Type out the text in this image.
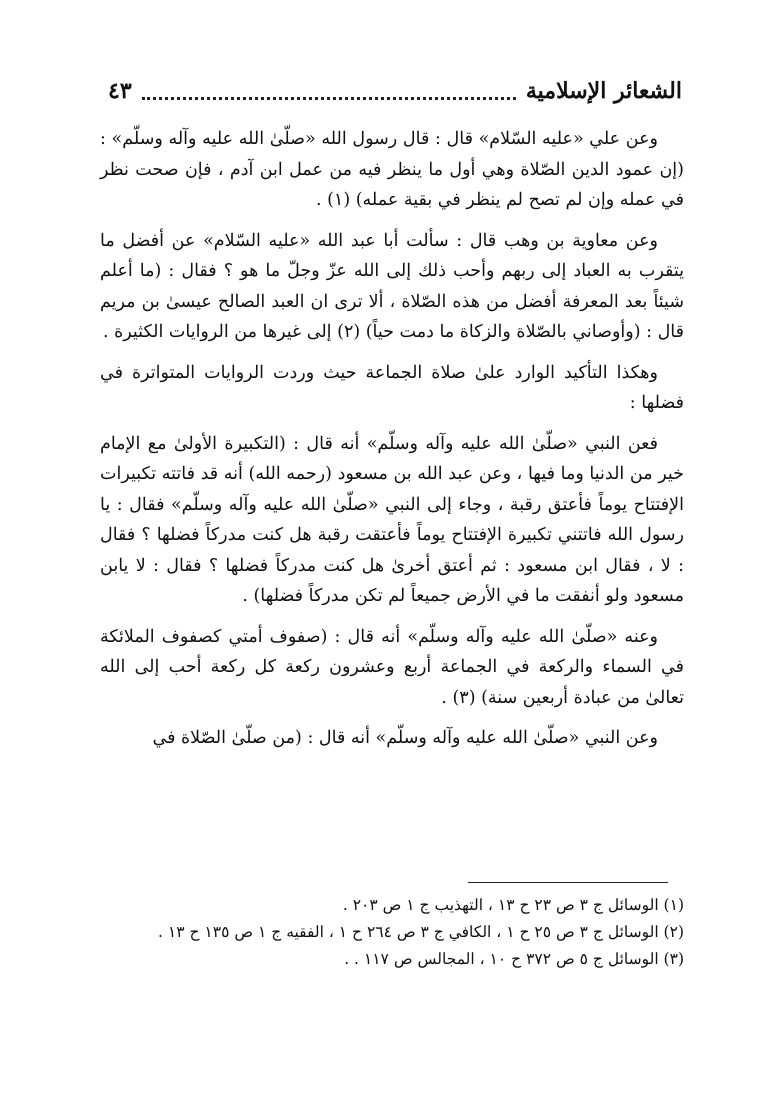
الشعائر الإسلامية
٤٣

وعن علي «عليه السّلام» قال : قال رسول الله «صلّىٰ الله عليه وآله وسلّم» : (إن عمود الدين الصّلاة وهي أول ما ينظر فيه من عمل ابن آدم ، فإن صحت نظر في عمله وإن لم تصح لم ينظر في بقية عمله) (١) .

وعن معاوية بن وهب قال : سألت أبا عبد الله «عليه السّلام» عن أفضل ما يتقرب به العباد إلى ربهم وأحب ذلك إلى الله عزّ وجلّ ما هو ؟ فقال : (ما أعلم شيئاً بعد المعرفة أفضل من هذه الصّلاة ، ألا ترى ان العبد الصالح عيسىٰ بن مريم قال : (وأوصاني بالصّلاة والزكاة ما دمت حياً) (٢) إلى غيرها من الروايات الكثيرة .

وهكذا التأكيد الوارد علىٰ صلاة الجماعة حيث وردت الروايات المتواترة في فضلها :

فعن النبي «صلّىٰ الله عليه وآله وسلّم» أنه قال : (التكبيرة الأولىٰ مع الإمام خير من الدنيا وما فيها ، وعن عبد الله بن مسعود (رحمه الله) أنه قد فاتته تكبيرات الإفتتاح يوماً فأعتق رقبة ، وجاء إلى النبي «صلّىٰ الله عليه وآله وسلّم» فقال : يا رسول الله فاتتني تكبيرة الإفتتاح يوماً فأعتقت رقبة هل كنت مدركاً فضلها ؟ فقال : لا ، فقال ابن مسعود : ثم أعتق أخرىٰ هل كنت مدركاً فضلها ؟ فقال : لا يابن مسعود ولو أنفقت ما في الأرض جميعاً لم تكن مدركاً فضلها) .

وعنه «صلّىٰ الله عليه وآله وسلّم» أنه قال : (صفوف أمتي كصفوف الملائكة في السماء والركعة في الجماعة أربع وعشرون ركعة كل ركعة أحب إلى الله تعالىٰ من عبادة أربعين سنة) (٣) .

وعن النبي «صلّىٰ الله عليه وآله وسلّم» أنه قال : (من صلّىٰ الصّلاة في

(١) الوسائل ج ٣ ص ٢٣ ح ١٣ ، التهذيب ج ١ ص ٢٠٣ .

(٢) الوسائل ج ٣ ص ٢٥ ح ١ ، الكافي ج ٣ ص ٢٦٤ ح ١ ، الفقيه ج ١ ص ١٣٥ ح ١٣ .

(٣) الوسائل ج ٥ ص ٣٧٢ ح ١٠ ، المجالس ص ١١٧ . .
